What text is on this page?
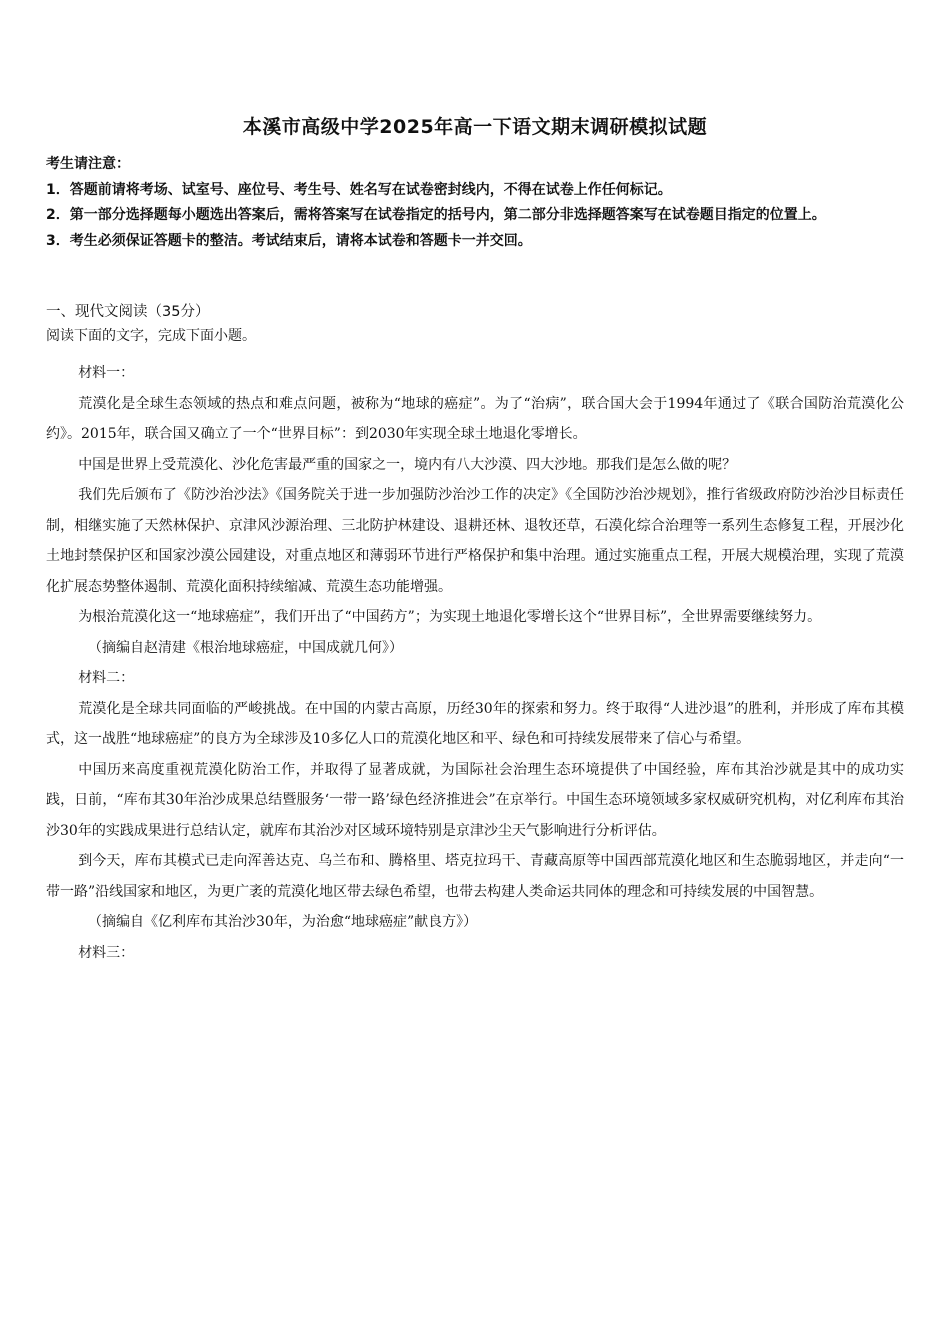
本溪市高级中学2025年高一下语文期末调研模拟试题

考生请注意：

1．答题前请将考场、试室号、座位号、考生号、姓名写在试卷密封线内，不得在试卷上作任何标记。

2．第一部分选择题每小题选出答案后，需将答案写在试卷指定的括号内，第二部分非选择题答案写在试卷题目指定的位置上。

3．考生必须保证答题卡的整洁。考试结束后，请将本试卷和答题卡一并交回。

一、现代文阅读（35分）

阅读下面的文字，完成下面小题。

材料一：

荒漠化是全球生态领域的热点和难点问题，被称为“地球的癌症”。为了“治病”，联合国大会于1994年通过了《联合国防治荒漠化公约》。2015年，联合国又确立了一个“世界目标”：到2030年实现全球土地退化零增长。

中国是世界上受荒漠化、沙化危害最严重的国家之一，境内有八大沙漠、四大沙地。那我们是怎么做的呢？

我们先后颁布了《防沙治沙法》《国务院关于进一步加强防沙治沙工作的决定》《全国防沙治沙规划》，推行省级政府防沙治沙目标责任制，相继实施了天然林保护、京津风沙源治理、三北防护林建设、退耕还林、退牧还草，石漠化综合治理等一系列生态修复工程，开展沙化土地封禁保护区和国家沙漠公园建设，对重点地区和薄弱环节进行严格保护和集中治理。通过实施重点工程，开展大规模治理，实现了荒漠化扩展态势整体遏制、荒漠化面积持续缩减、荒漠生态功能增强。

为根治荒漠化这一“地球癌症”，我们开出了“中国药方”；为实现土地退化零增长这个“世界目标”，全世界需要继续努力。

（摘编自赵清建《根治地球癌症，中国成就几何》）

材料二：

荒漠化是全球共同面临的严峻挑战。在中国的内蒙古高原，历经30年的探索和努力。终于取得“人进沙退”的胜利，并形成了库布其模式，这一战胜“地球癌症”的良方为全球涉及10多亿人口的荒漠化地区和平、绿色和可持续发展带来了信心与希望。

中国历来高度重视荒漠化防治工作，并取得了显著成就，为国际社会治理生态环境提供了中国经验，库布其治沙就是其中的成功实践，日前，“库布其30年治沙成果总结暨服务‘一带一路’绿色经济推进会”在京举行。中国生态环境领域多家权威研究机构，对亿利库布其治沙30年的实践成果进行总结认定，就库布其治沙对区域环境特别是京津沙尘天气影响进行分析评估。

到今天，库布其模式已走向浑善达克、乌兰布和、腾格里、塔克拉玛干、青藏高原等中国西部荒漠化地区和生态脆弱地区，并走向“一带一路”沿线国家和地区，为更广袤的荒漠化地区带去绿色希望，也带去构建人类命运共同体的理念和可持续发展的中国智慧。

（摘编自《亿利库布其治沙30年，为治愈“地球癌症”献良方》）

材料三：
